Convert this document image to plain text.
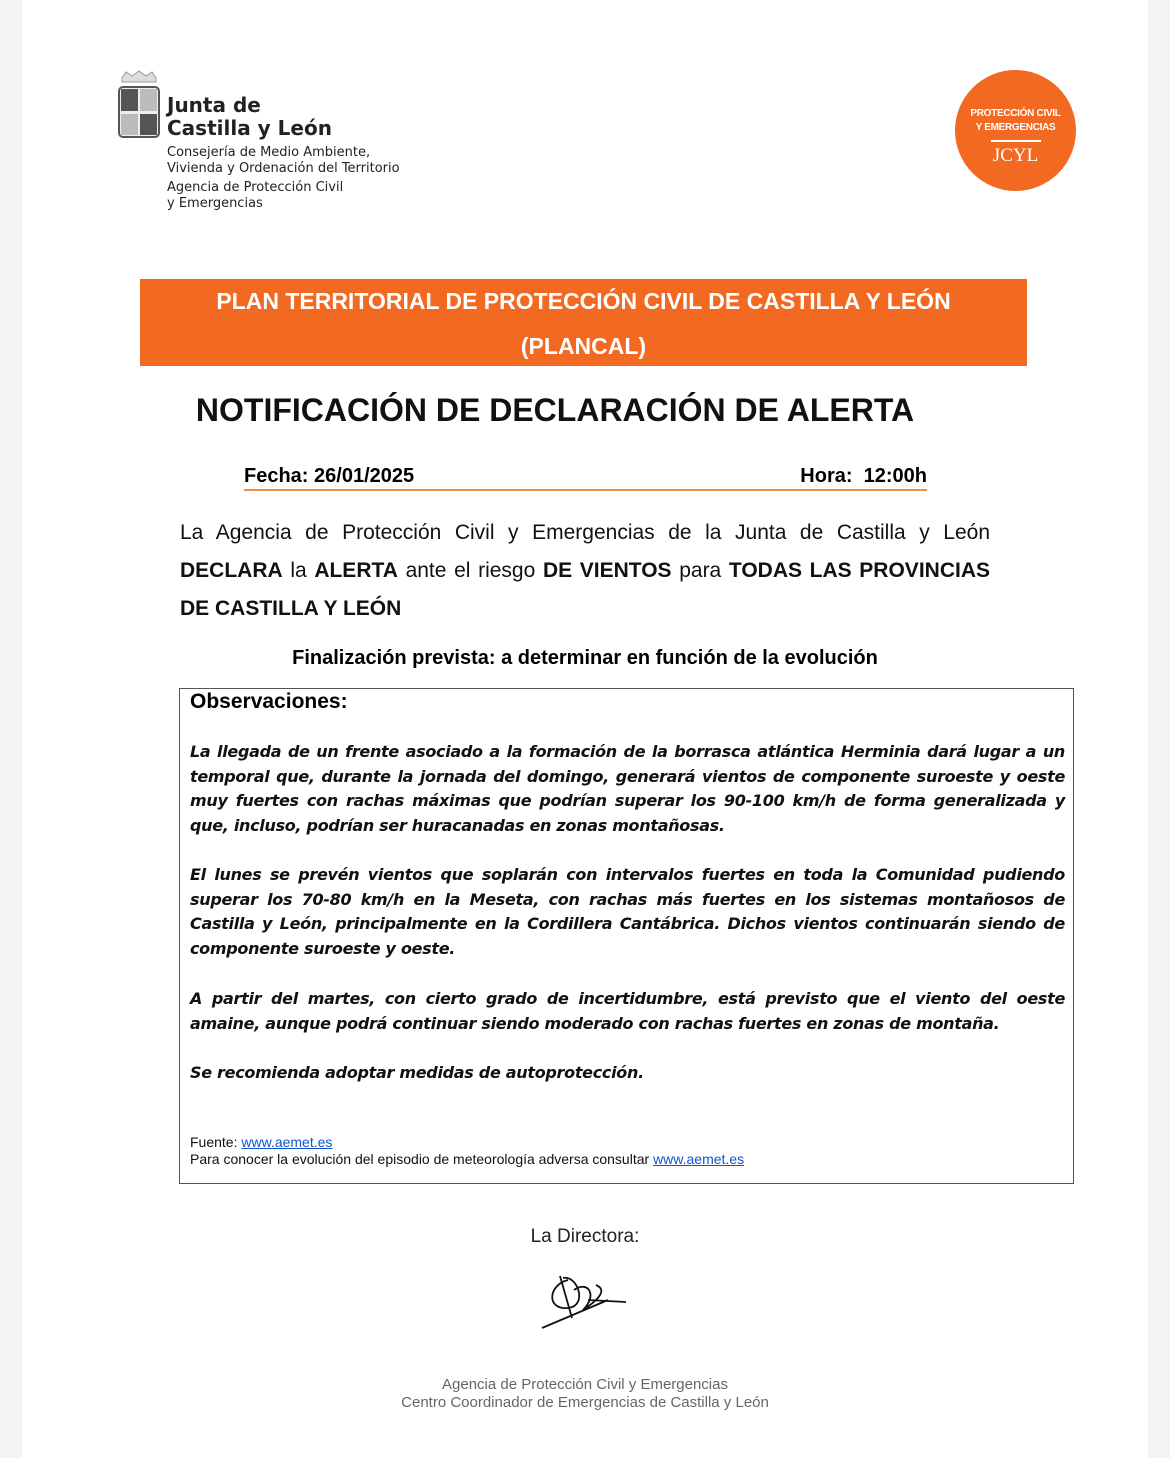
Junta de
Castilla y León
Consejería de Medio Ambiente,
Vivienda y Ordenación del Territorio
Agencia de Protección Civil
y Emergencias
PROTECCIÓN CIVIL
Y EMERGENCIAS
JCYL
PLAN TERRITORIAL DE PROTECCIÓN CIVIL DE CASTILLA Y LEÓN
(PLANCAL)
NOTIFICACIÓN DE DECLARACIÓN DE ALERTA
Fecha: 26/01/2025	Hora:  12:00h
La Agencia de Protección Civil y Emergencias de la Junta de Castilla y León DECLARA la ALERTA ante el riesgo DE VIENTOS para TODAS LAS PROVINCIAS DE CASTILLA Y LEÓN
Finalización prevista: a determinar en función de la evolución
Observaciones:
La llegada de un frente asociado a la formación de la borrasca atlántica Herminia dará lugar a un temporal que, durante la jornada del domingo, generará vientos de componente suroeste y oeste muy fuertes con rachas máximas que podrían superar los 90-100 km/h de forma generalizada y que, incluso, podrían ser huracanadas en zonas montañosas.
El lunes se prevén vientos que soplarán con intervalos fuertes en toda la Comunidad pudiendo superar los 70-80 km/h en la Meseta, con rachas más fuertes en los sistemas montañosos de Castilla y León, principalmente en la Cordillera Cantábrica. Dichos vientos continuarán siendo de componente suroeste y oeste.
A partir del martes, con cierto grado de incertidumbre, está previsto que el viento del oeste amaine, aunque podrá continuar siendo moderado con rachas fuertes en zonas de montaña.
Se recomienda adoptar medidas de autoprotección.
Fuente: www.aemet.es
Para conocer la evolución del episodio de meteorología adversa consultar www.aemet.es
La Directora:
Agencia de Protección Civil y Emergencias
Centro Coordinador de Emergencias de Castilla y León
